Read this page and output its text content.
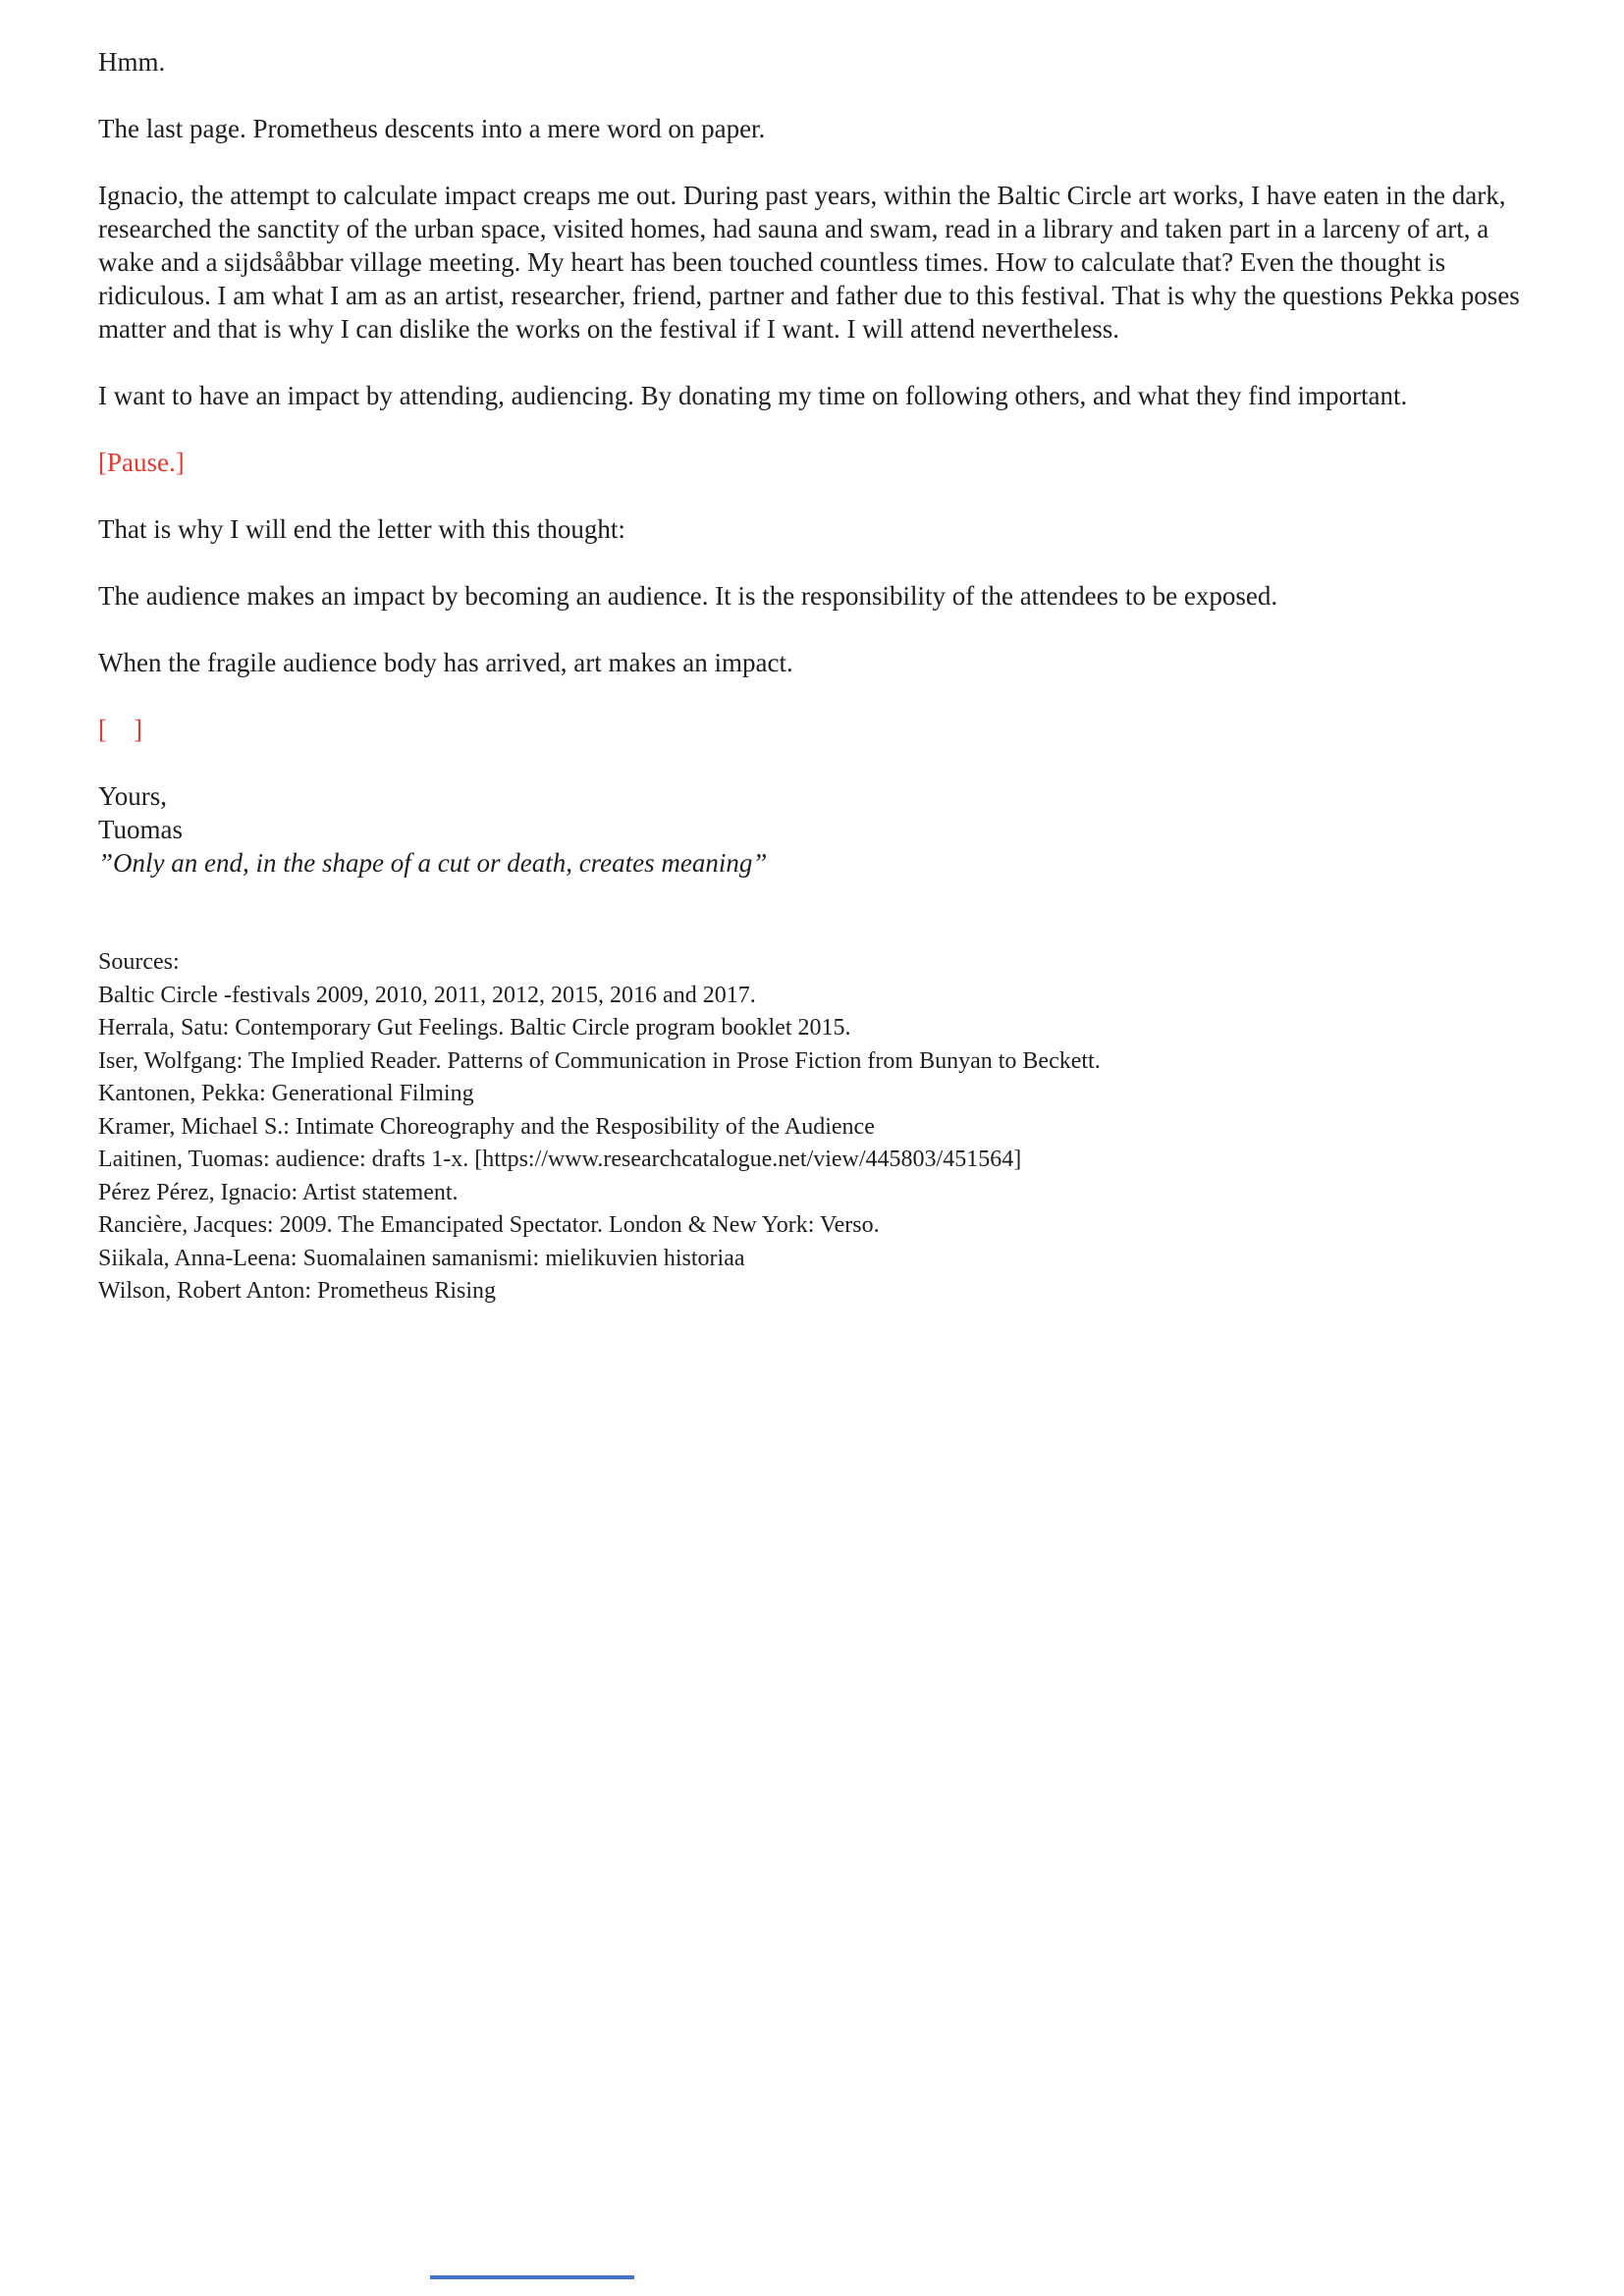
Hmm.

The last page. Prometheus descents into a mere word on paper.

Ignacio, the attempt to calculate impact creaps me out. During past years, within the Baltic Circle art works, I have eaten in the dark, researched the sanctity of the urban space, visited homes, had sauna and swam, read in a library and taken part in a larceny of art, a wake and a sijdsååbbar village meeting. My heart has been touched countless times. How to calculate that? Even the thought is ridiculous. I am what I am as an artist, researcher, friend, partner and father due to this festival. That is why the questions Pekka poses matter and that is why I can dislike the works on the festival if I want. I will attend nevertheless.

I want to have an impact by attending, audiencing. By donating my time on following others, and what they find important.

[Pause.]

That is why I will end the letter with this thought:

The audience makes an impact by becoming an audience. It is the responsibility of the attendees to be exposed.

When the fragile audience body has arrived, art makes an impact.

[    ]

Yours,

Tuomas

”Only an end, in the shape of a cut or death, creates meaning”

Sources:

Baltic Circle -festivals 2009, 2010, 2011, 2012, 2015, 2016 and 2017.

Herrala, Satu: Contemporary Gut Feelings. Baltic Circle program booklet 2015.

Iser, Wolfgang: The Implied Reader. Patterns of Communication in Prose Fiction from Bunyan to Beckett.

Kantonen, Pekka: Generational Filming

Kramer, Michael S.: Intimate Choreography and the Resposibility of the Audience

Laitinen, Tuomas: audience: drafts 1-x. [https://www.researchcatalogue.net/view/445803/451564]

Pérez Pérez, Ignacio: Artist statement.

Rancière, Jacques: 2009. The Emancipated Spectator. London & New York: Verso.

Siikala, Anna-Leena: Suomalainen samanismi: mielikuvien historiaa

Wilson, Robert Anton: Prometheus Rising
